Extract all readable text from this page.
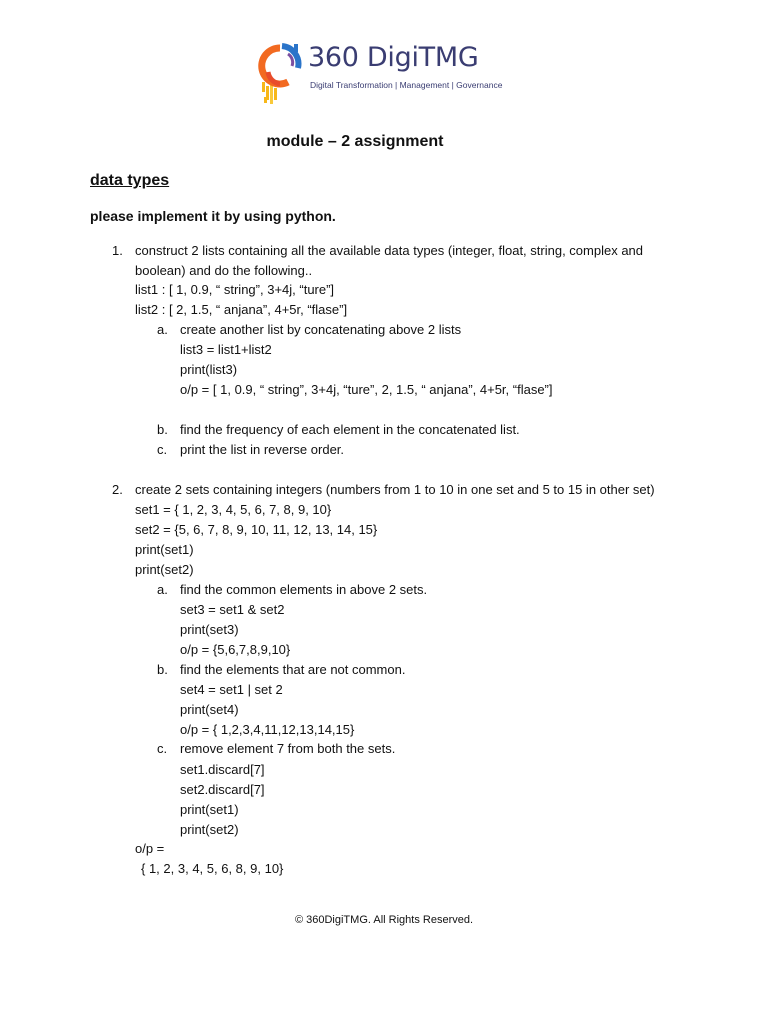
360 DigiTMG
Digital Transformation | Management | Governance
module – 2 assignment
data types
please implement it by using python.
1. construct 2 lists containing all the available data types (integer, float, string, complex and
boolean) and do the following..
list1 : [ 1, 0.9, “ string”, 3+4j, “ture”]
list2 : [ 2, 1.5, “ anjana”, 4+5r, “flase”]
a. create another list by concatenating above 2 lists
list3 = list1+list2
print(list3)
o/p = [ 1, 0.9, “ string”, 3+4j, “ture”, 2, 1.5, “ anjana”, 4+5r, “flase”]
b. find the frequency of each element in the concatenated list.
c. print the list in reverse order.
2. create 2 sets containing integers (numbers from 1 to 10 in one set and 5 to 15 in other set)
set1 = { 1, 2, 3, 4, 5, 6, 7, 8, 9, 10}
set2 = {5, 6, 7, 8, 9, 10, 11, 12, 13, 14, 15}
print(set1)
print(set2)
a. find the common elements in above 2 sets.
set3 = set1 & set2
print(set3)
o/p = {5,6,7,8,9,10}
b. find the elements that are not common.
set4 = set1 | set 2
print(set4)
o/p = { 1,2,3,4,11,12,13,14,15}
c. remove element 7 from both the sets.
set1.discard[7]
set2.discard[7]
print(set1)
print(set2)
o/p =
{ 1, 2, 3, 4, 5, 6, 8, 9, 10}
© 360DigiTMG. All Rights Reserved.
